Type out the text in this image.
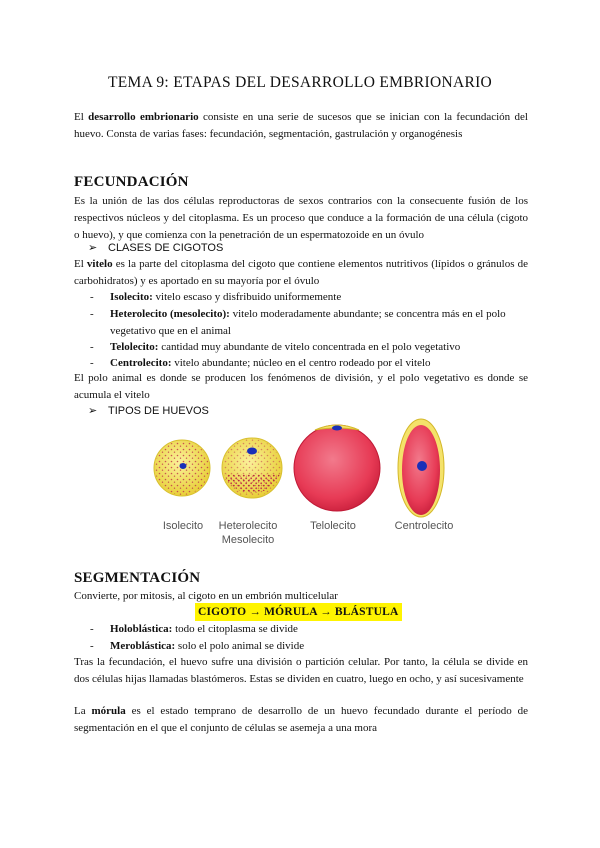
TEMA 9: ETAPAS DEL DESARROLLO EMBRIONARIO
El desarrollo embrionario consiste en una serie de sucesos que se inician con la fecundación del huevo. Consta de varias fases: fecundación, segmentación, gastrulación y organogénesis
FECUNDACIÓN
Es la unión de las dos células reproductoras de sexos contrarios con la consecuente fusión de los respectivos núcleos y del citoplasma. Es un proceso que conduce a la formación de una célula (cigoto o huevo), y que comienza con la penetración de un espermatozoide en un óvulo
➢ CLASES DE CIGOTOS
El vitelo es la parte del citoplasma del cigoto que contiene elementos nutritivos (lípidos o gránulos de carbohidratos) y es aportado en su mayoría por el óvulo
- Isolecito: vitelo escaso y disfribuido uniformemente
- Heterolecito (mesolecito): vitelo moderadamente abundante; se concentra más en el polo vegetativo que en el animal
- Telolecito: cantidad muy abundante de vitelo concentrada en el polo vegetativo
- Centrolecito: vitelo abundante; núcleo en el centro rodeado por el vitelo
El polo animal es donde se producen los fenómenos de división, y el polo vegetativo es donde se acumula el vitelo
➢ TIPOS DE HUEVOS
Isolecito	Heterolecito
Mesolecito
Telolecito	Centrolecito
SEGMENTACIÓN
Convierte, por mitosis, al cigoto en un embrión multicelular
CIGOTO → MÓRULA → BLÁSTULA
- Holoblástica: todo el citoplasma se divide
- Meroblástica: solo el polo animal se divide
Tras la fecundación, el huevo sufre una división o partición celular. Por tanto, la célula se divide en dos células hijas llamadas blastómeros. Estas se dividen en cuatro, luego en ocho, y así sucesivamente
La mórula es el estado temprano de desarrollo de un huevo fecundado durante el período de segmentación en el que el conjunto de células se asemeja a una mora
